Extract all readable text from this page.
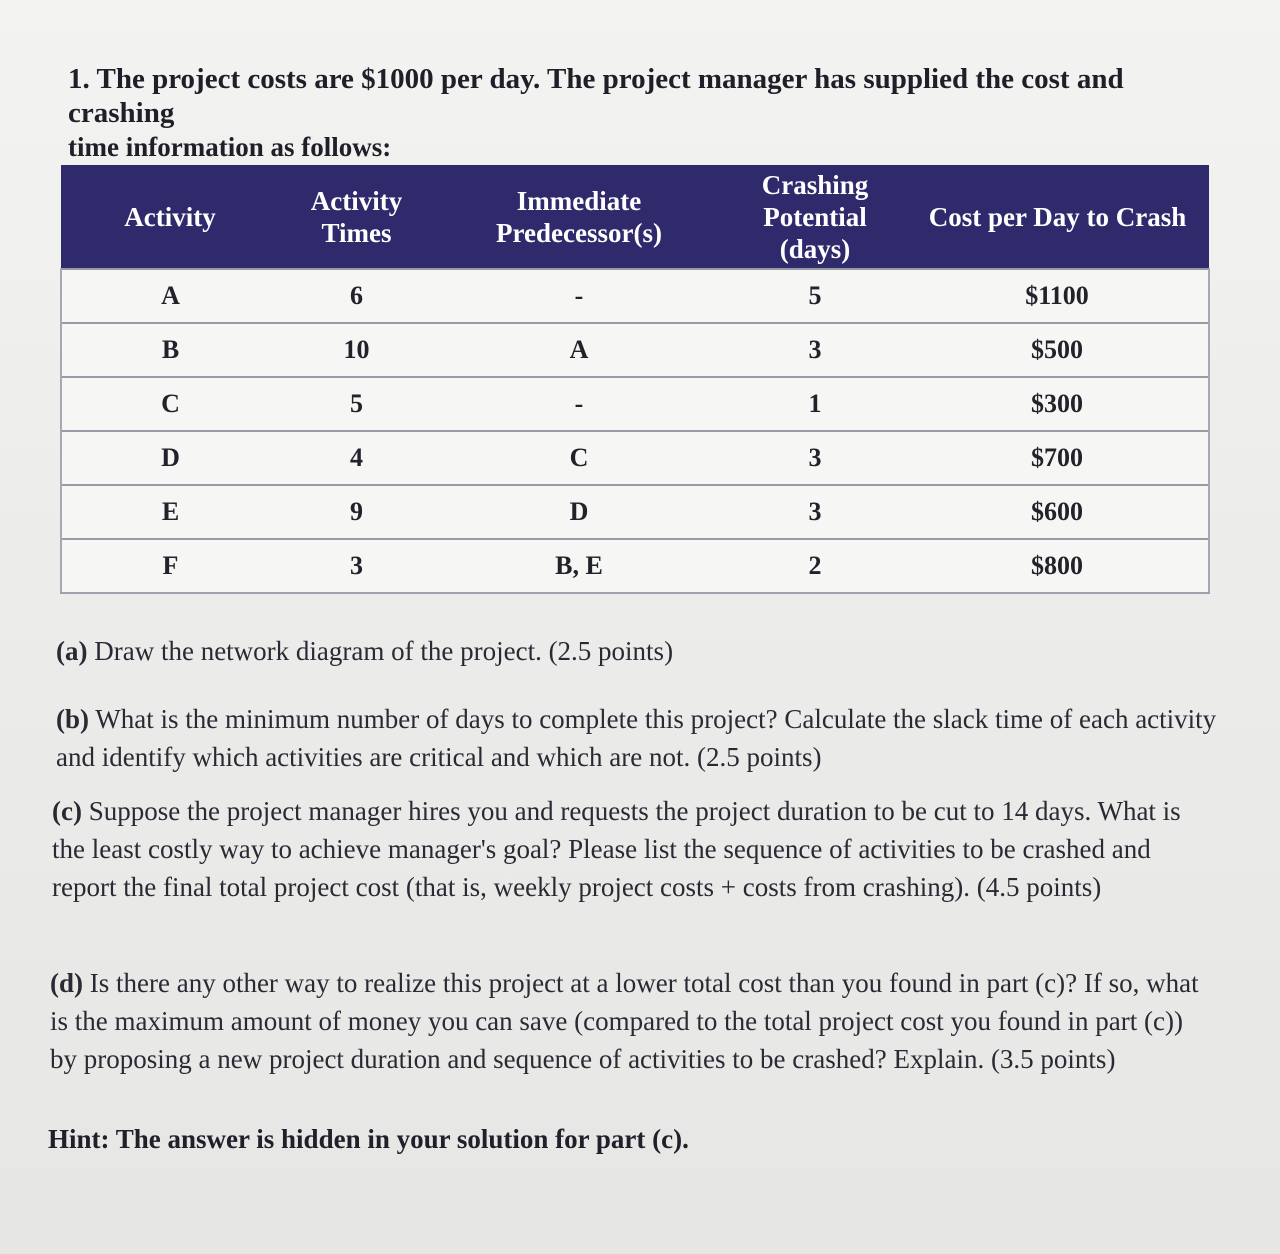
1. The project costs are $1000 per day. The project manager has supplied the cost and crashing
time information as follows:
Activity	Activity Times	Immediate Predecessor(s)	Crashing Potential (days)	Cost per Day to Crash
A	6	-	5	$1100
B	10	A	3	$500
C	5	-	1	$300
D	4	C	3	$700
E	9	D	3	$600
F	3	B, E	2	$800
(a) Draw the network diagram of the project. (2.5 points)
(b) What is the minimum number of days to complete this project? Calculate the slack time of each activity and identify which activities are critical and which are not. (2.5 points)
(c) Suppose the project manager hires you and requests the project duration to be cut to 14 days. What is the least costly way to achieve manager's goal? Please list the sequence of activities to be crashed and report the final total project cost (that is, weekly project costs + costs from crashing). (4.5 points)
(d) Is there any other way to realize this project at a lower total cost than you found in part (c)? If so, what is the maximum amount of money you can save (compared to the total project cost you found in part (c)) by proposing a new project duration and sequence of activities to be crashed? Explain. (3.5 points)
Hint: The answer is hidden in your solution for part (c).
